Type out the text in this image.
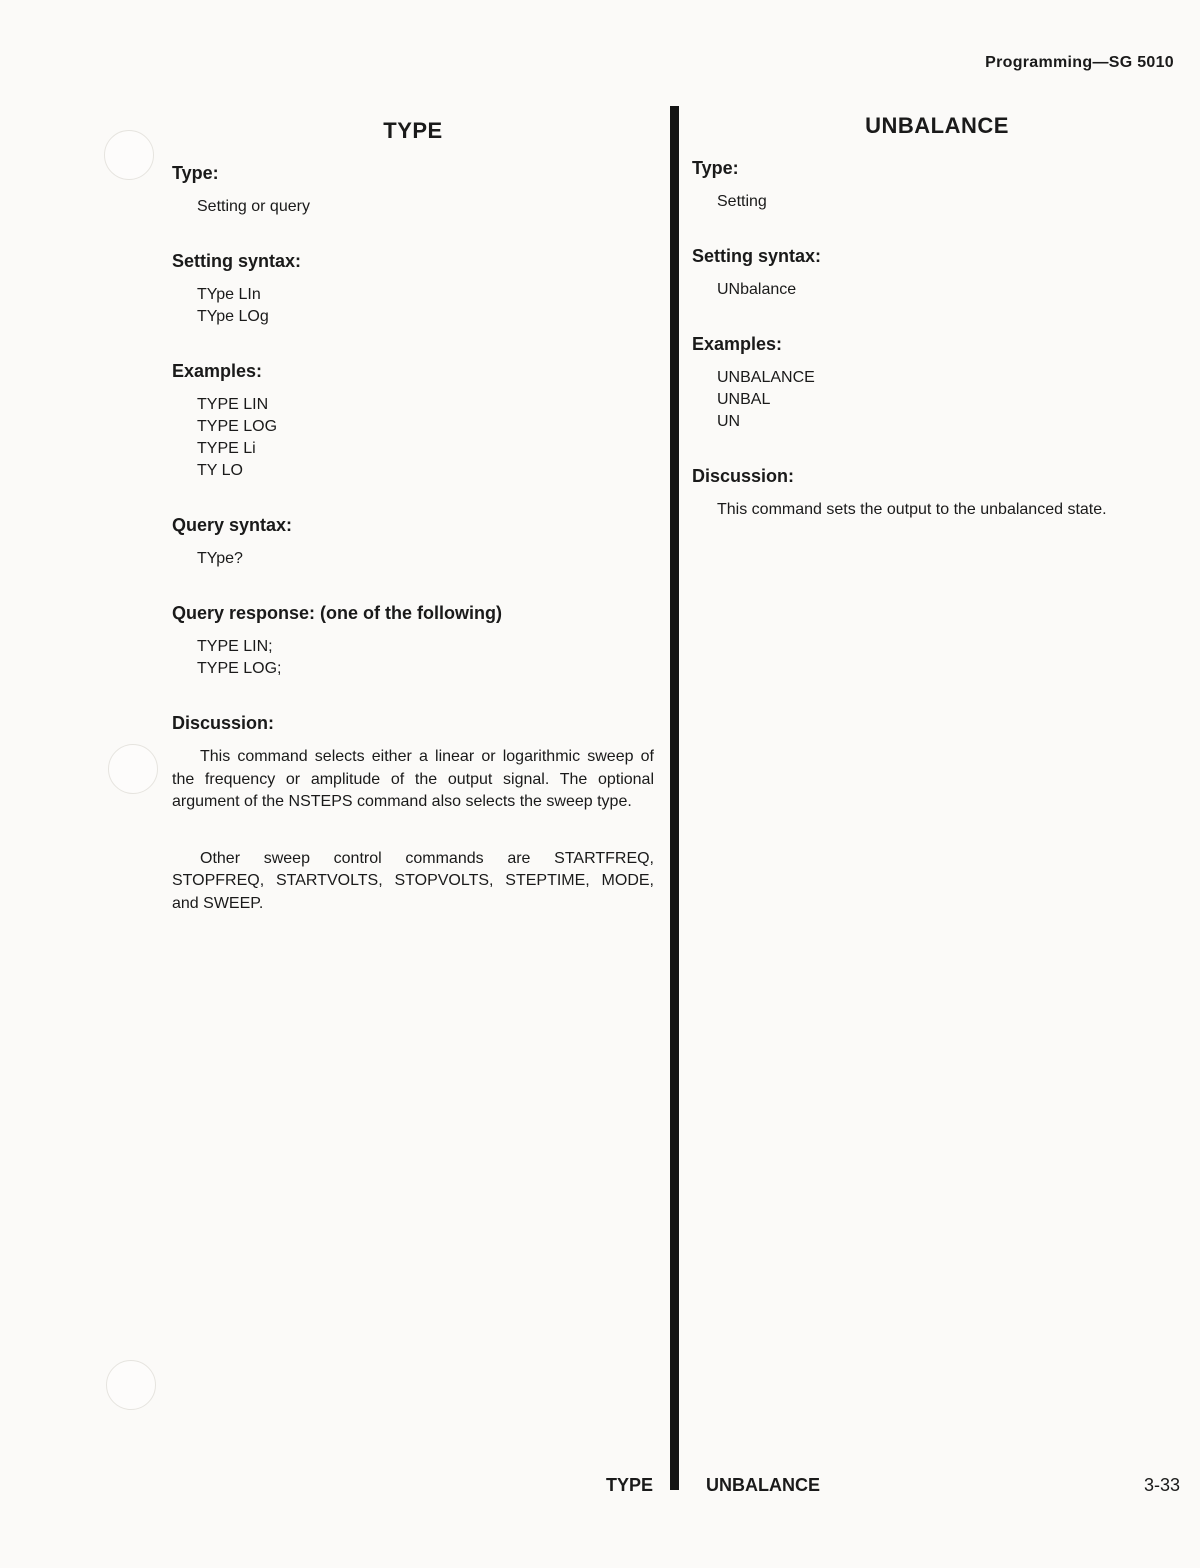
Programming—SG 5010
TYPE

Type:

Setting or query

Setting syntax:

TYpe LIn
TYpe LOg

Examples:

TYPE LIN
TYPE LOG
TYPE Li
TY LO

Query syntax:

TYpe?

Query response: (one of the following)

TYPE LIN;
TYPE LOG;

Discussion:

This command selects either a linear or logarithmic sweep of the frequency or amplitude of the output signal. The optional argument of the NSTEPS command also selects the sweep type.

Other sweep control commands are STARTFREQ, STOPFREQ, STARTVOLTS, STOPVOLTS, STEPTIME, MODE, and SWEEP.

UNBALANCE

Type:

Setting

Setting syntax:

UNbalance

Examples:

UNBALANCE
UNBAL
UN

Discussion:

This command sets the output to the unbalanced state.

TYPE	UNBALANCE	3-33
